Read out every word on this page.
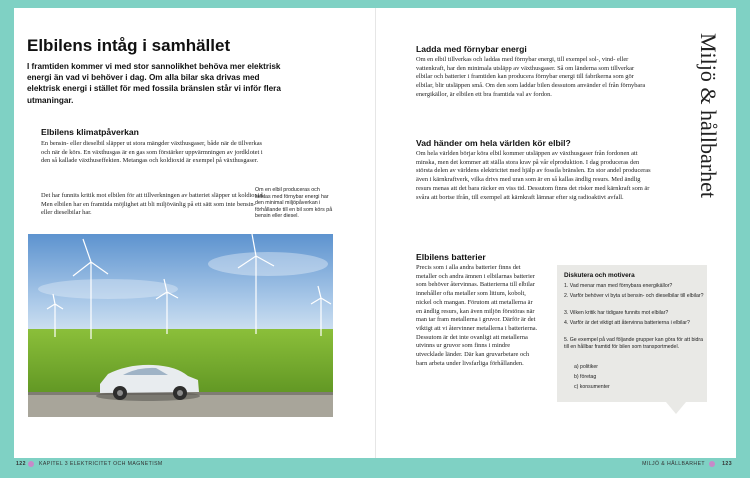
Elbilens intåg i samhället
I framtiden kommer vi med stor sannolikhet behöva mer elektrisk energi än vad vi behöver i dag. Om alla bilar ska drivas med elektrisk energi i stället för med fossila bränslen står vi inför flera utmaningar.
Elbilens klimatpåverkan
En bensin- eller dieselbil släpper ut stora mängder växthusgaser, både när de tillverkas och när de körs. En växthusgas är en gas som förstärker uppvärmningen av jordklotet i den så kallade växthuseffekten. Metangas och koldioxid är exempel på växthusgaser.
Det har funnits kritik mot elbilen för att tillverkningen av batteriet släpper ut koldioxid. Men elbilen har en framtida möjlighet att bli miljövänlig på ett sätt som inte bensin- eller dieselbilar har.
Om en elbil produceras och laddas med förnybar energi har den minimal miljöpåverkan i förhållande till en bil som körs på bensin eller diesel.
122	KAPITEL 3 ELEKTRICITET OCH MAGNETISM
Ladda med förnybar energi
Om en elbil tillverkas och laddas med förnybar energi, till exempel sol-, vind- eller vattenkraft, har den minimala utsläpp av växthusgaser. Så om länderna som tillverkar elbilar och batterier i framtiden kan producera förnybar energi till fabrikerna som gör elbilar, blir utsläppen små. Om den som laddar bilen dessutom använder el från förnybara energikällor, är elbilen ett bra framtida val av fordon.
Vad händer om hela världen kör elbil?
Om hela världen börjar köra elbil kommer utsläppen av växthusgaser från fordonen att minska, men det kommer att ställa stora krav på vår elproduktion. I dag produceras den största delen av världens elektricitet med hjälp av fossila bränslen. En stor andel produceras även i kärnkraftverk, vilka drivs med uran som är en så kallas ändlig resurs. Med ändlig resurs menas att det bara räcker en viss tid. Dessutom finns det risker med kärnkraft som är svåra att bortse ifrån, till exempel att kärnkraft lämnar efter sig radioaktivt avfall.
Elbilens batterier
Precis som i alla andra batterier finns det metaller och andra ämnen i elbilarnas batterier som behöver återvinnas. Batterierna till elbilar innehåller ofta metaller som litium, kobolt, nickel och mangan. Förutom att metallerna är en ändlig resurs, kan även miljön förstöras när man tar fram metallerna i gruvor. Därför är det viktigt att vi återvinner metallerna i batterierna. Dessutom är det inte ovanligt att metallerna utvinns ur gruvor som finns i mindre utvecklade länder. Där kan gruvarbetare och barn arbeta under livsfarliga förhållanden.
Miljö & hållbarhet
Diskutera och motivera
1. Vad menar man med förnybara energikällor?
2. Varför behöver vi byta ut bensin- och dieselbilar till elbilar?
3. Vilken kritik har tidigare funnits mot elbilar?
4. Varför är det viktigt att återvinna batterierna i elbilar?
5. Ge exempel på vad följande grupper kan göra för att bidra till en hållbar framtid för bilen som transportmedel.
a) politiker
b) företag
c) konsumenter
MILJÖ & HÅLLBARHET	123
